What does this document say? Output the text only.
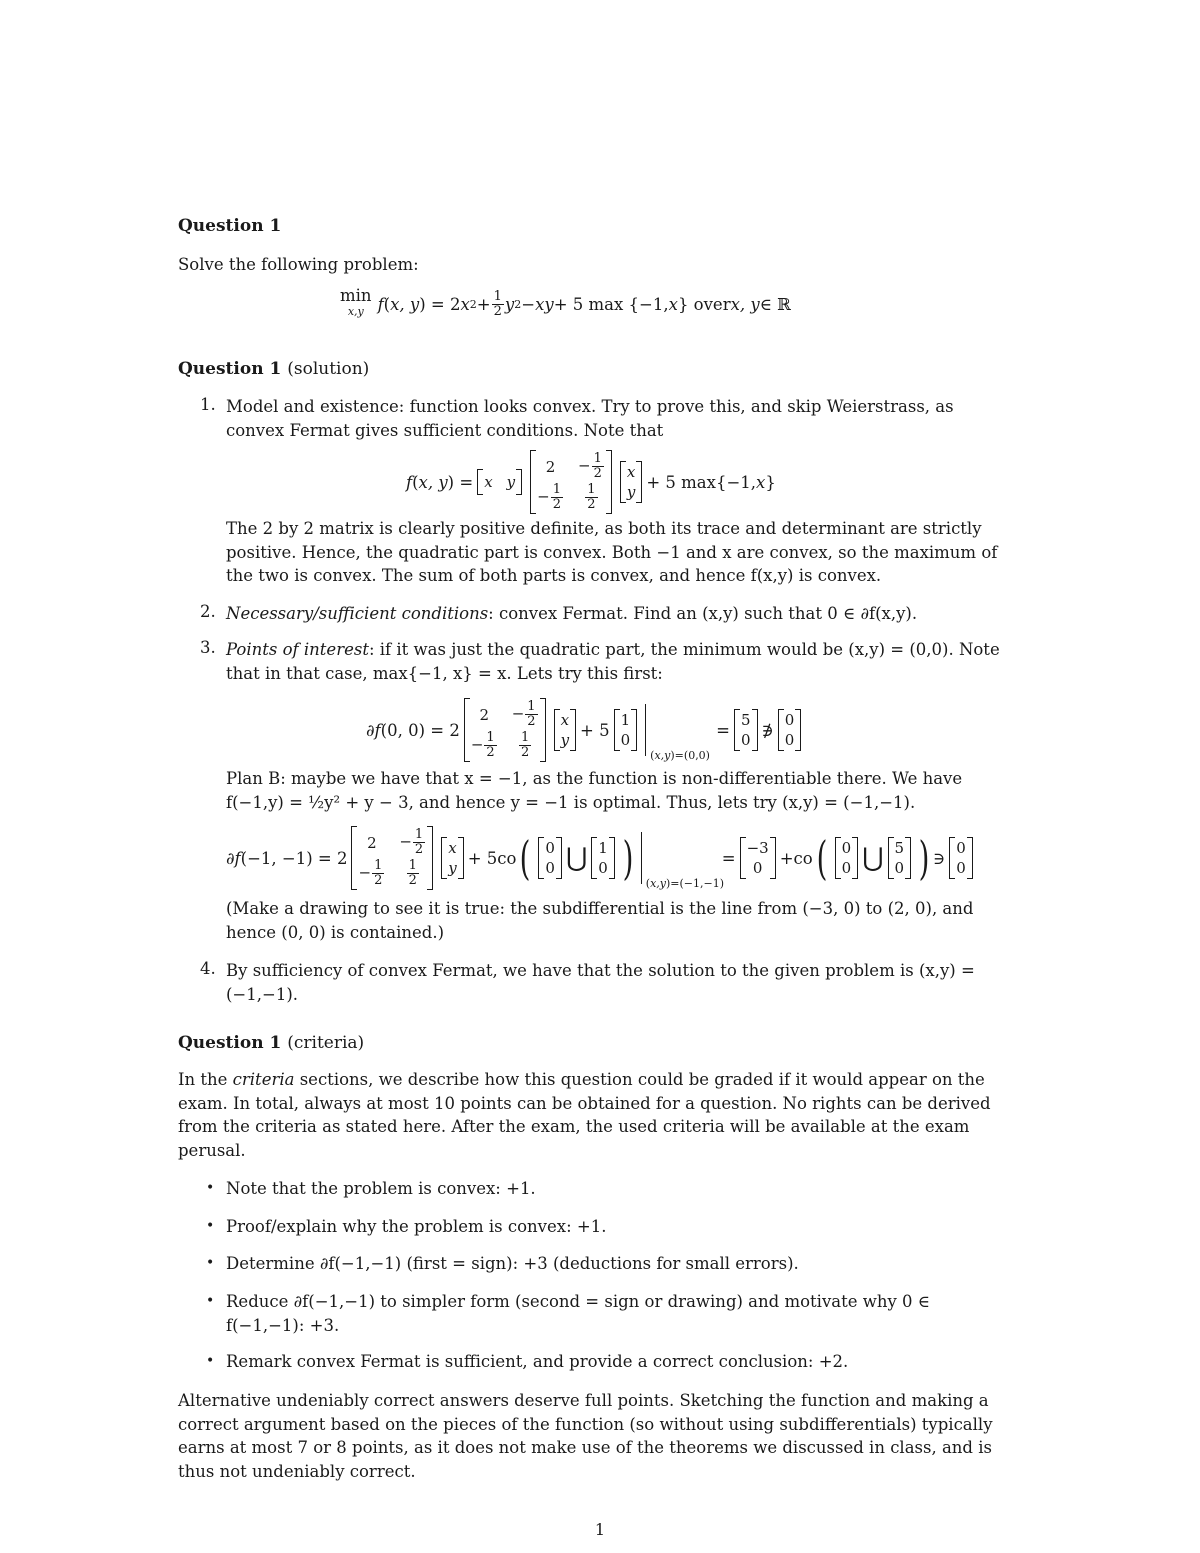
Question 1

Solve the following problem:

min
x,y f ( x, y ) = 2 x $2 + \frac{1}{2}$ y 2 − xy + 5 max {−1, x } over x, y ∈ ℝ
Question 1 (solution)
1. Model and existence: function looks convex. Try to prove this, and skip Weierstrass, as convex Fermat gives sufficient conditions. Note that

f ( x, y ) = x y
$2 - \frac{1}{2}$
− $\frac{1}{2} \frac{1}{2}$
x
y
+ 5 max{−1, x }

The 2 by 2 matrix is clearly positive definite, as both its trace and determinant are strictly positive. Hence, the quadratic part is convex. Both −1 and x are convex, so the maximum of the two is convex. The sum of both parts is convex, and hence f(x,y) is convex.

2. Necessary/sufficient conditions: convex Fermat. Find an (x,y) such that 0 ∈ ∂f(x,y).

3. Points of interest: if it was just the quadratic part, the minimum would be (x,y) = (0,0). Note that in that case, max{−1, x} = x. Lets try this first:

∂ f (0, 0) = 2
$2 - \frac{1}{2}$
− $\frac{1}{2} \frac{1}{2}$
x
y
+ 5
1
0
(x,y)=(0,0)
=
5
0
∌
0
0

Plan B: maybe we have that x = −1, as the function is non-differentiable there. We have f(−1,y) = ½y² + y − 3, and hence y = −1 is optimal. Thus, lets try (x,y) = (−1,−1).

∂ f (−1, −1) = 2
$2 - \frac{1}{2}$
− $\frac{1}{2} \frac{1}{2}$
x
y
+ 5co ( 0
0 ⋃ 1
0 ) (x,y)=(−1,−1)
=
−3
0
+co ( 0
0 ⋃ 5
0 ) ∋
0
0

(Make a drawing to see it is true: the subdifferential is the line from (−3, 0) to (2, 0), and hence (0, 0) is contained.)

4. By sufficiency of convex Fermat, we have that the solution to the given problem is (x,y) = (−1,−1).

Question 1 (criteria)

In the criteria sections, we describe how this question could be graded if it would appear on the exam. In total, always at most 10 points can be obtained for a question. No rights can be derived from the criteria as stated here. After the exam, the used criteria will be available at the exam perusal.

• Note that the problem is convex: +1.

• Proof/explain why the problem is convex: +1.

• Determine ∂f(−1,−1) (first = sign): +3 (deductions for small errors).

• Reduce ∂f(−1,−1) to simpler form (second = sign or drawing) and motivate why 0 ∈ f(−1,−1): +3.

• Remark convex Fermat is sufficient, and provide a correct conclusion: +2.

Alternative undeniably correct answers deserve full points. Sketching the function and making a correct argument based on the pieces of the function (so without using subdifferentials) typically earns at most 7 or 8 points, as it does not make use of the theorems we discussed in class, and is thus not undeniably correct.

1
